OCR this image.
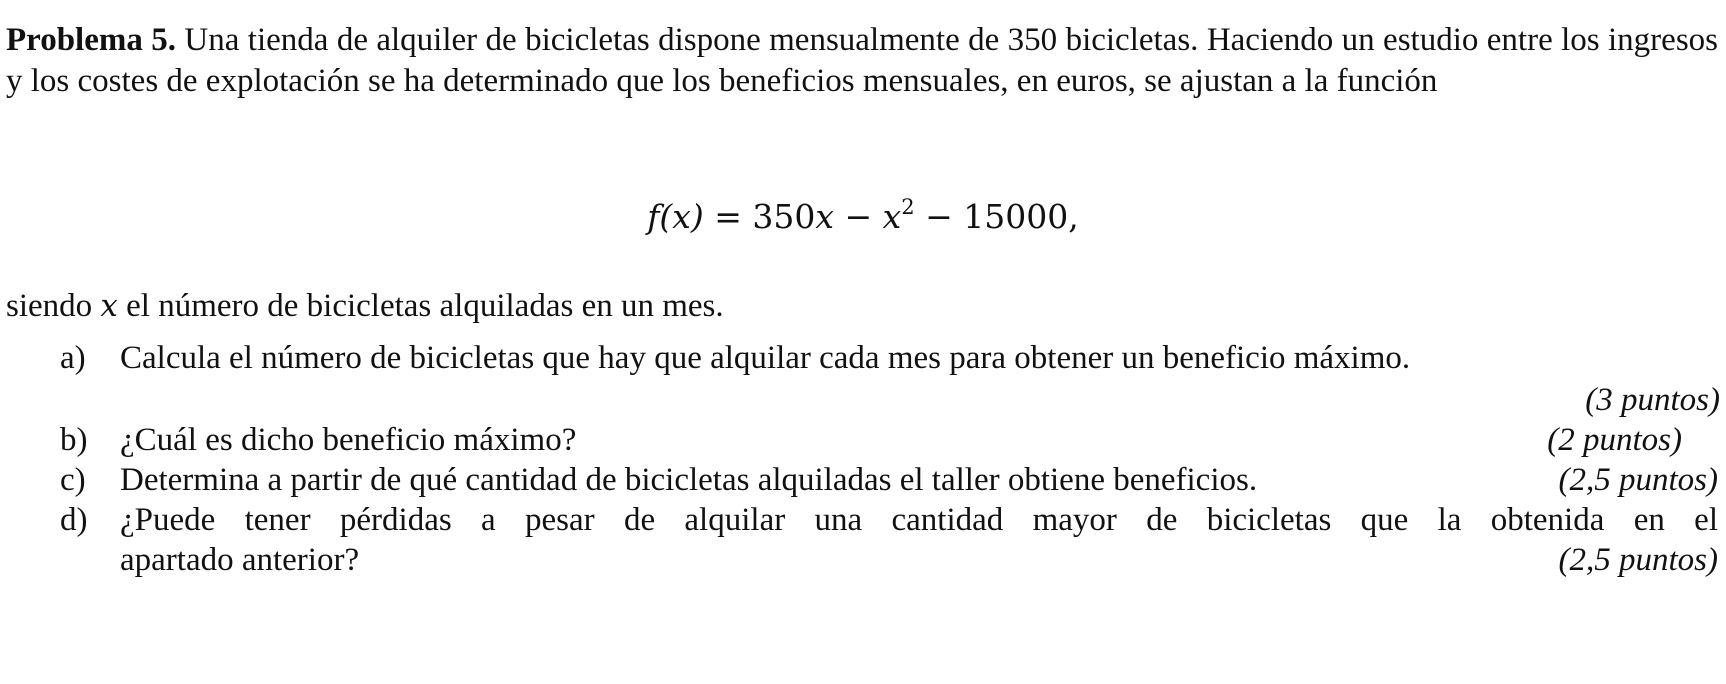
Problema 5. Una tienda de alquiler de bicicletas dispone mensualmente de 350 bicicletas. Haciendo un estudio entre los ingresos y los costes de explotación se ha determinado que los beneficios mensuales, en euros, se ajustan a la función
$f(x) = 350x - x^2 - 15000$,
siendo x el número de bicicletas alquiladas en un mes.
a)	Calcula el número de bicicletas que hay que alquilar cada mes para obtener un beneficio máximo.
(3 puntos)
b) ¿Cuál es dicho beneficio máximo?	(2 puntos)
c)	Determina a partir de qué cantidad de bicicletas alquiladas el taller obtiene beneficios.	(2,5 puntos)
d) ¿Puede tener pérdidas a pesar de alquilar una cantidad mayor de bicicletas que la obtenida en el
apartado anterior?	(2,5 puntos)
